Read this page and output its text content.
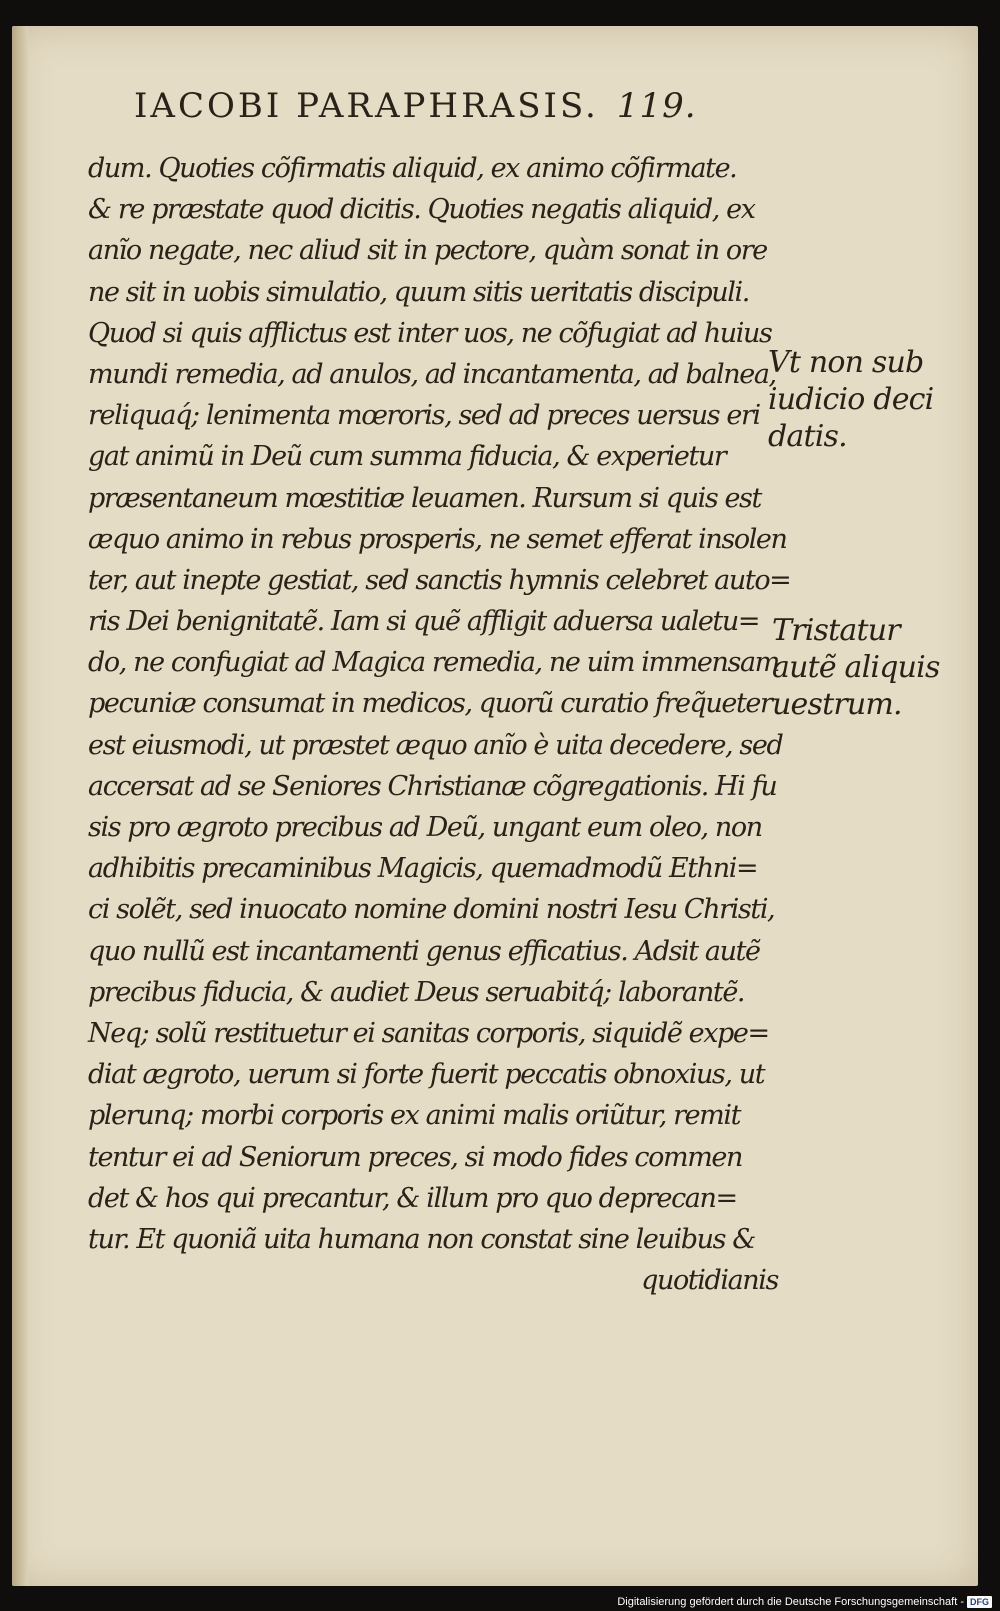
IACOBI PARAPHRASIS. 119.
dum. Quoties cõfirmatis aliquid, ex animo cõfirmate.
& re præstate quod dicitis. Quoties negatis aliquid, ex
anĩo negate, nec aliud sit in pectore, quàm sonat in ore
ne sit in uobis simulatio, quum sitis ueritatis discipuli.
Quod si quis afflictus est inter uos, ne cõfugiat ad huius
mundi remedia, ad anulos, ad incantamenta, ad balnea,
reliquaq́; lenimenta mœroris, sed ad preces uersus eri
gat animũ in Deũ cum summa fiducia, & experietur
præsentaneum mœstitiæ leuamen. Rursum si quis est
æquo animo in rebus prosperis, ne semet efferat insolen
ter, aut inepte gestiat, sed sanctis hymnis celebret auto=
ris Dei benignitatẽ. Iam si quẽ affligit aduersa ualetu=
do, ne confugiat ad Magica remedia, ne uim immensam
pecuniæ consumat in medicos, quorũ curatio freq̃ueter
est eiusmodi, ut præstet æquo anĩo è uita decedere, sed
accersat ad se Seniores Christianæ cõgregationis. Hi fu
sis pro ægroto precibus ad Deũ, ungant eum oleo, non
adhibitis precaminibus Magicis, quemadmodũ Ethni=
ci solẽt, sed inuocato nomine domini nostri Iesu Christi,
quo nullũ est incantamenti genus efficatius. Adsit autẽ
precibus fiducia, & audiet Deus seruabitq́; laborantẽ.
Neq; solũ restituetur ei sanitas corporis, siquidẽ expe=
diat ægroto, uerum si forte fuerit peccatis obnoxius, ut
plerunq; morbi corporis ex animi malis oriũtur, remit
tentur ei ad Seniorum preces, si modo fides commen
det & hos qui precantur, & illum pro quo deprecan=
tur. Et quoniã uita humana non constat sine leuibus &
quotidianis
Vt non sub
iudicio deci
datis.
Tristatur
autẽ aliquis
uestrum.
Digitalisierung gefördert durch die Deutsche Forschungsgemeinschaft - DFG
